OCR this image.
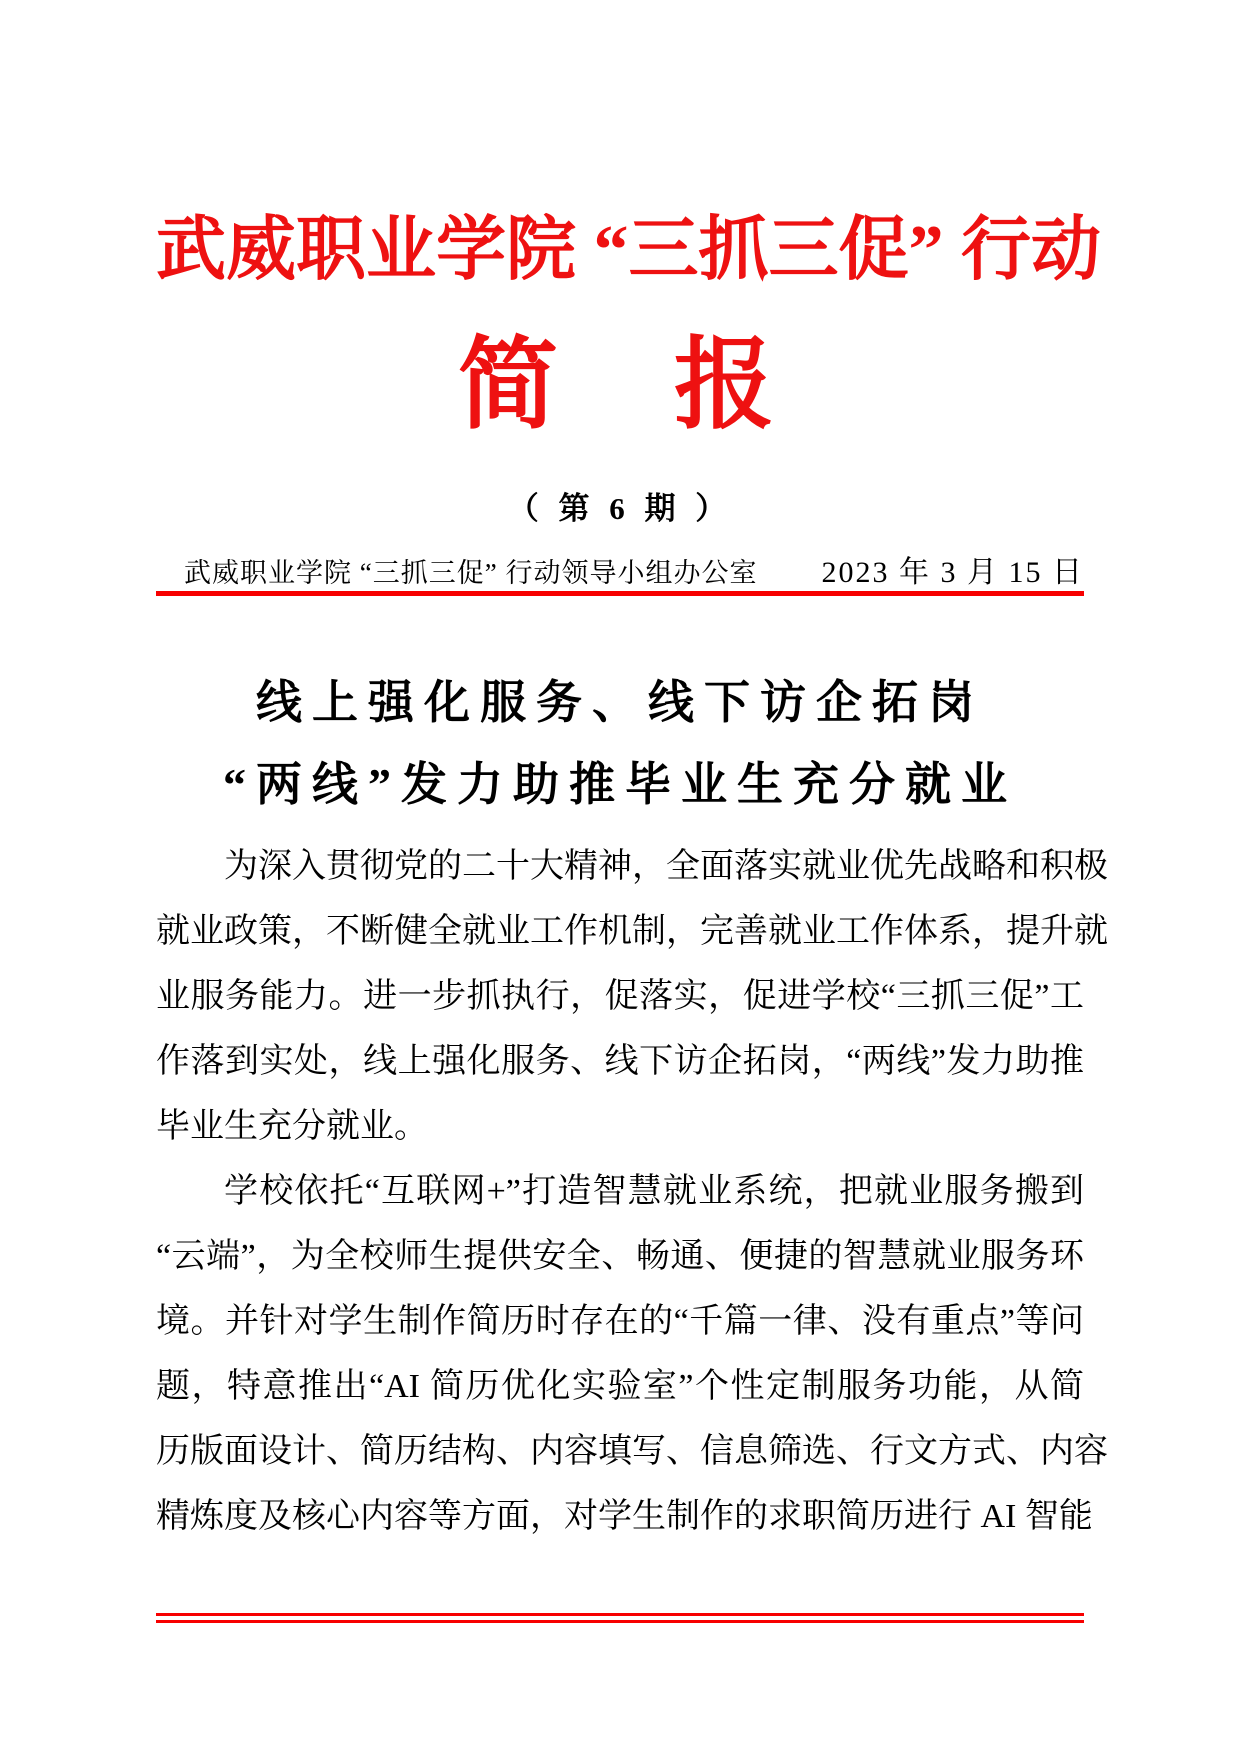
武威职业学院 “三抓三促” 行动
简　报
（ 第 6 期 ）
武威职业学院 “三抓三促” 行动领导小组办公室 2023 年 3 月 15 日
线上强化服务、线下访企拓岗
“两线”发力助推毕业生充分就业
为深入贯彻党的二十大精神，全面落实就业优先战略和积极
就业政策，不断健全就业工作机制，完善就业工作体系，提升就
业服务能力。进一步抓执行，促落实，促进学校“三抓三促”工
作落到实处，线上强化服务、线下访企拓岗，“两线”发力助推
毕业生充分就业。
学校依托“互联网+”打造智慧就业系统，把就业服务搬到
“云端”，为全校师生提供安全、畅通、便捷的智慧就业服务环
境。并针对学生制作简历时存在的“千篇一律、没有重点”等问
题，特意推出“AI 简历优化实验室”个性定制服务功能，从简
历版面设计、简历结构、内容填写、信息筛选、行文方式、内容
精炼度及核心内容等方面，对学生制作的求职简历进行 AI 智能
